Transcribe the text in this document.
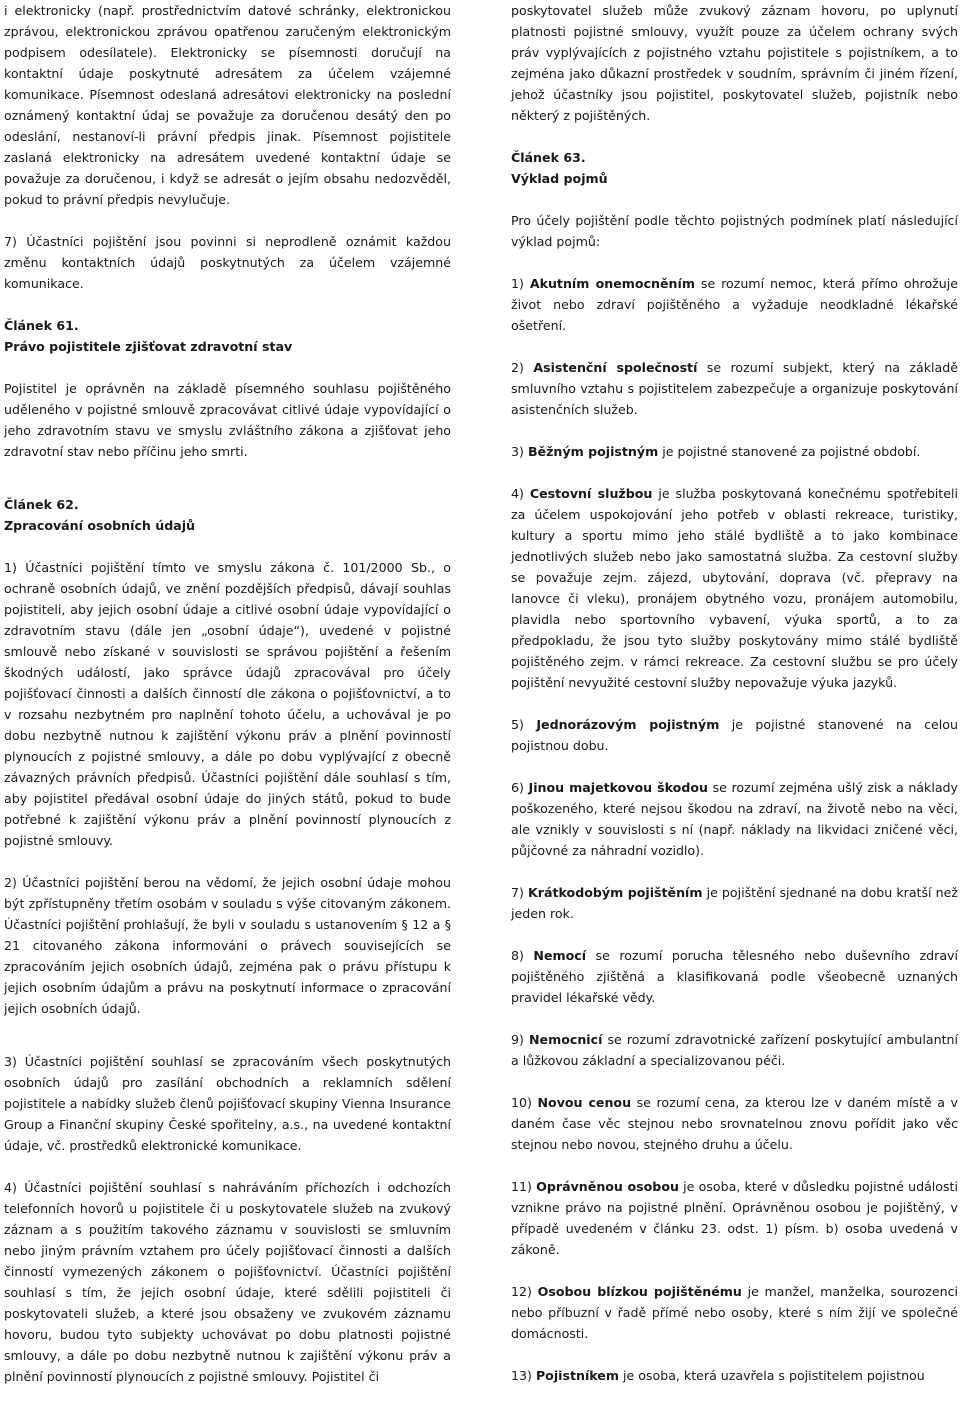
i elektronicky (např. prostřednictvím datové schránky, elektronickou zprávou, elektronickou zprávou opatřenou zaručeným elektronickým podpisem odesílatele). Elektronicky se písemnosti doručují na kontaktní údaje poskytnuté adresátem za účelem vzájemné komunikace. Písemnost odeslaná adresátovi elektronicky na poslední oznámený kontaktní údaj se považuje za doručenou desátý den po odeslání, nestanoví-li právní předpis jinak. Písemnost pojistitele zaslaná elektronicky na adresátem uvedené kontaktní údaje se považuje za doručenou, i když se adresát o jejím obsahu nedozvěděl, pokud to právní předpis nevylučuje.

7) Účastníci pojištění jsou povinni si neprodleně oznámit každou změnu kontaktních údajů poskytnutých za účelem vzájemné komunikace.

Článek 61.

Právo pojistitele zjišťovat zdravotní stav

Pojistitel je oprávněn na základě písemného souhlasu pojištěného uděleného v pojistné smlouvě zpracovávat citlivé údaje vypovídající o jeho zdravotním stavu ve smyslu zvláštního zákona a zjišťovat jeho zdravotní stav nebo příčinu jeho smrti.

Článek 62.

Zpracování osobních údajů

1) Účastníci pojištění tímto ve smyslu zákona č. 101/2000 Sb., o ochraně osobních údajů, ve znění pozdějších předpisů, dávají souhlas pojistiteli, aby jejich osobní údaje a citlivé osobní údaje vypovídající o zdravotním stavu (dále jen „osobní údaje“), uvedené v pojistné smlouvě nebo získané v souvislosti se správou pojištění a řešením škodných událostí, jako správce údajů zpracovával pro účely pojišťovací činnosti a dalších činností dle zákona o pojišťovnictví, a to v rozsahu nezbytném pro naplnění tohoto účelu, a uchovával je po dobu nezbytně nutnou k zajištění výkonu práv a plnění povinností plynoucích z pojistné smlouvy, a dále po dobu vyplývající z obecně závazných právních předpisů. Účastníci pojištění dále souhlasí s tím, aby pojistitel předával osobní údaje do jiných států, pokud to bude potřebné k zajištění výkonu práv a plnění povinností plynoucích z pojistné smlouvy.

2) Účastníci pojištění berou na vědomí, že jejich osobní údaje mohou být zpřístupněny třetím osobám v souladu s výše citovaným zákonem. Účastníci pojištění prohlašují, že byli v souladu s ustanovením § 12 a § 21 citovaného zákona informováni o právech souvisejících se zpracováním jejich osobních údajů, zejména pak o právu přístupu k jejich osobním údajům a právu na poskytnutí informace o zpracování jejich osobních údajů.

3) Účastníci pojištění souhlasí se zpracováním všech poskytnutých osobních údajů pro zasílání obchodních a reklamních sdělení pojistitele a nabídky služeb členů pojišťovací skupiny Vienna Insurance Group a Finanční skupiny České spořitelny, a.s., na uvedené kontaktní údaje, vč. prostředků elektronické komunikace.

4) Účastníci pojištění souhlasí s nahráváním příchozích i odchozích telefonních hovorů u pojistitele či u poskytovatele služeb na zvukový záznam a s použitím takového záznamu v souvislosti se smluvním nebo jiným právním vztahem pro účely pojišťovací činnosti a dalších činností vymezených zákonem o pojišťovnictví. Účastníci pojištění souhlasí s tím, že jejich osobní údaje, které sdělili pojistiteli či poskytovateli služeb, a které jsou obsaženy ve zvukovém záznamu hovoru, budou tyto subjekty uchovávat po dobu platnosti pojistné smlouvy, a dále po dobu nezbytně nutnou k zajištění výkonu práv a plnění povinností plynoucích z pojistné smlouvy. Pojistitel či

poskytovatel služeb může zvukový záznam hovoru, po uplynutí platnosti pojistné smlouvy, využít pouze za účelem ochrany svých práv vyplývajících z pojistného vztahu pojistitele s pojistníkem, a to zejména jako důkazní prostředek v soudním, správním či jiném řízení, jehož účastníky jsou pojistitel, poskytovatel služeb, pojistník nebo některý z pojištěných.

Článek 63.

Výklad pojmů

Pro účely pojištění podle těchto pojistných podmínek platí následující výklad pojmů:

1) Akutním onemocněním se rozumí nemoc, která přímo ohrožuje život nebo zdraví pojištěného a vyžaduje neodkladné lékařské ošetření.

2) Asistenční společností se rozumí subjekt, který na základě smluvního vztahu s pojistitelem zabezpečuje a organizuje poskytování asistenčních služeb.

3) Běžným pojistným je pojistné stanovené za pojistné období.

4) Cestovní službou je služba poskytovaná konečnému spotřebiteli za účelem uspokojování jeho potřeb v oblasti rekreace, turistiky, kultury a sportu mimo jeho stálé bydliště a to jako kombinace jednotlivých služeb nebo jako samostatná služba. Za cestovní služby se považuje zejm. zájezd, ubytování, doprava (vč. přepravy na lanovce či vleku), pronájem obytného vozu, pronájem automobilu, plavidla nebo sportovního vybavení, výuka sportů, a to za předpokladu, že jsou tyto služby poskytovány mimo stálé bydliště pojištěného zejm. v rámci rekreace. Za cestovní službu se pro účely pojištění nevyužité cestovní služby nepovažuje výuka jazyků.

5) Jednorázovým pojistným je pojistné stanovené na celou pojistnou dobu.

6) Jinou majetkovou škodou se rozumí zejména ušlý zisk a náklady poškozeného, které nejsou škodou na zdraví, na životě nebo na věci, ale vznikly v souvislosti s ní (např. náklady na likvidaci zničené věci, půjčovné za náhradní vozidlo).

7) Krátkodobým pojištěním je pojištění sjednané na dobu kratší než jeden rok.

8) Nemocí se rozumí porucha tělesného nebo duševního zdraví pojištěného zjištěná a klasifikovaná podle všeobecně uznaných pravidel lékařské vědy.

9) Nemocnicí se rozumí zdravotnické zařízení poskytující ambulantní a lůžkovou základní a specializovanou péči.

10) Novou cenou se rozumí cena, za kterou lze v daném místě a v daném čase věc stejnou nebo srovnatelnou znovu pořídit jako věc stejnou nebo novou, stejného druhu a účelu.

11) Oprávněnou osobou je osoba, které v důsledku pojistné události vznikne právo na pojistné plnění. Oprávněnou osobou je pojištěný, v případě uvedeném v článku 23. odst. 1) písm. b) osoba uvedená v zákoně.

12) Osobou blízkou pojištěnému je manžel, manželka, sourozenci nebo příbuzní v řadě přímé nebo osoby, které s ním žijí ve společné domácnosti.

13) Pojistníkem je osoba, která uzavřela s pojistitelem pojistnou
